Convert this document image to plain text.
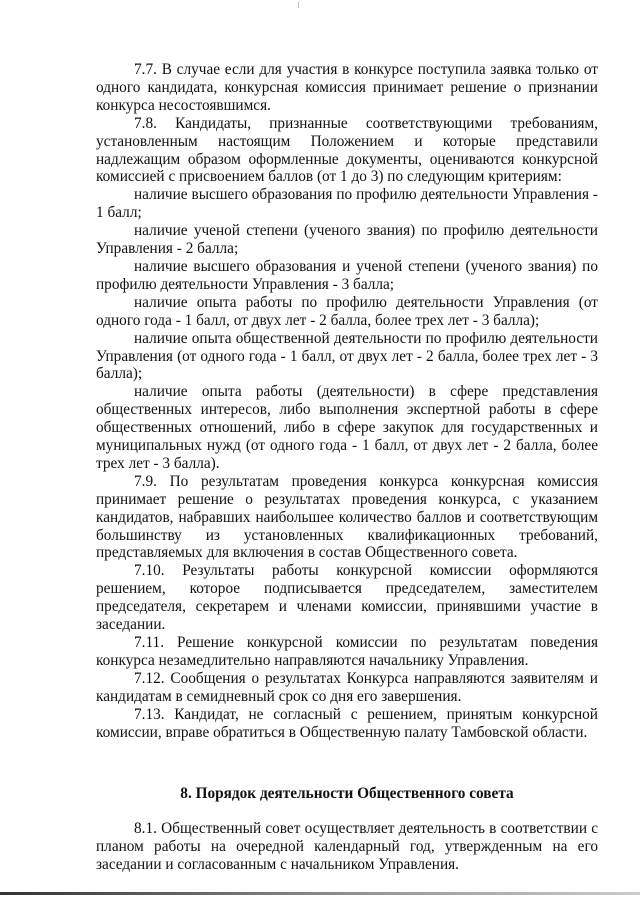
7.7. В случае если для участия в конкурсе поступила заявка только от одного кандидата, конкурсная комиссия принимает решение о признании конкурса несостоявшимся.

7.8. Кандидаты, признанные соответствующими требованиям, установленным настоящим Положением и которые представили надлежащим образом оформленные документы, оцениваются конкурсной комиссией с присвоением баллов (от 1 до 3) по следующим критериям:

наличие высшего образования по профилю деятельности Управления - 1 балл;

наличие ученой степени (ученого звания) по профилю деятельности Управления - 2 балла;

наличие высшего образования и ученой степени (ученого звания) по профилю деятельности Управления - 3 балла;

наличие опыта работы по профилю деятельности Управления (от одного года - 1 балл, от двух лет - 2 балла, более трех лет - 3 балла);

наличие опыта общественной деятельности по профилю деятельности Управления (от одного года - 1 балл, от двух лет - 2 балла, более трех лет - 3 балла);

наличие опыта работы (деятельности) в сфере представления общественных интересов, либо выполнения экспертной работы в сфере общественных отношений, либо в сфере закупок для государственных и муниципальных нужд (от одного года - 1 балл, от двух лет - 2 балла, более трех лет - 3 балла).

7.9. По результатам проведения конкурса конкурсная комиссия принимает решение о результатах проведения конкурса, с указанием кандидатов, набравших наибольшее количество баллов и соответствующим большинству из установленных квалификационных требований, представляемых для включения в состав Общественного совета.

7.10. Результаты работы конкурсной комиссии оформляются решением, которое подписывается председателем, заместителем председателя, секретарем и членами комиссии, принявшими участие в заседании.

7.11. Решение конкурсной комиссии по результатам поведения конкурса незамедлительно направляются начальнику Управления.

7.12. Сообщения о результатах Конкурса направляются заявителям и кандидатам в семидневный срок со дня его завершения.

7.13. Кандидат, не согласный с решением, принятым конкурсной комиссии, вправе обратиться в Общественную палату Тамбовской области.

8. Порядок деятельности Общественного совета

8.1. Общественный совет осуществляет деятельность в соответствии с планом работы на очередной календарный год, утвержденным на его заседании и согласованным с начальником Управления.
